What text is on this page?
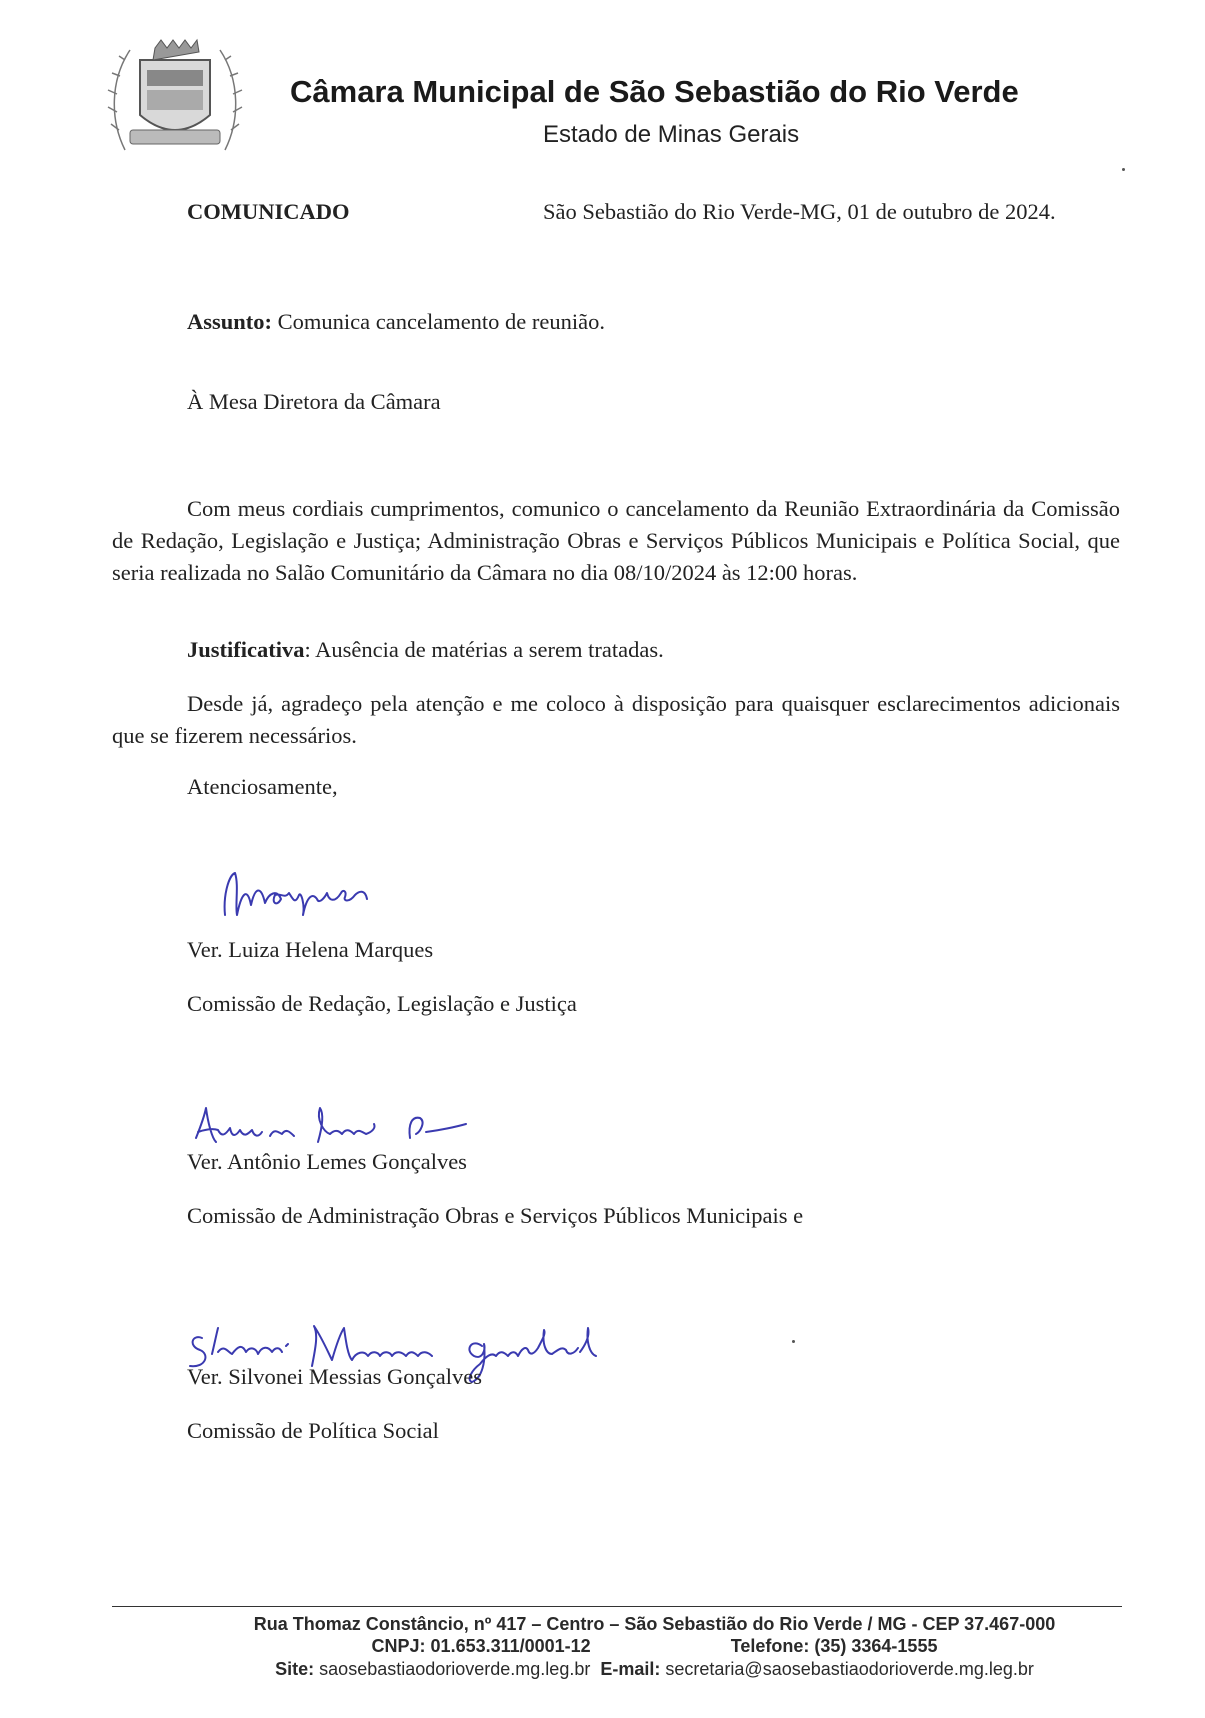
Câmara Municipal de São Sebastião do Rio Verde
Estado de Minas Gerais
COMUNICADO	São Sebastião do Rio Verde-MG, 01 de outubro de 2024.
Assunto: Comunica cancelamento de reunião.
À Mesa Diretora da Câmara
Com meus cordiais cumprimentos, comunico o cancelamento da Reunião Extraordinária da Comissão de Redação, Legislação e Justiça; Administração Obras e Serviços Públicos Municipais e Política Social, que seria realizada no Salão Comunitário da Câmara no dia 08/10/2024 às 12:00 horas.
Justificativa: Ausência de matérias a serem tratadas.
Desde já, agradeço pela atenção e me coloco à disposição para quaisquer esclarecimentos adicionais que se fizerem necessários.
Atenciosamente,
Ver. Luiza Helena Marques
Comissão de Redação, Legislação e Justiça
Ver. Antônio Lemes Gonçalves
Comissão de Administração Obras e Serviços Públicos Municipais e
Ver. Silvonei Messias Gonçalves
Comissão de Política Social
Rua Thomaz Constâncio, nº 417 – Centro – São Sebastião do Rio Verde / MG - CEP 37.467-000
CNPJ: 01.653.311/0001-12	Telefone: (35) 3364-1555
Site: saosebastiaodorioverde.mg.leg.br E-mail: secretaria@saosebastiaodorioverde.mg.leg.br
